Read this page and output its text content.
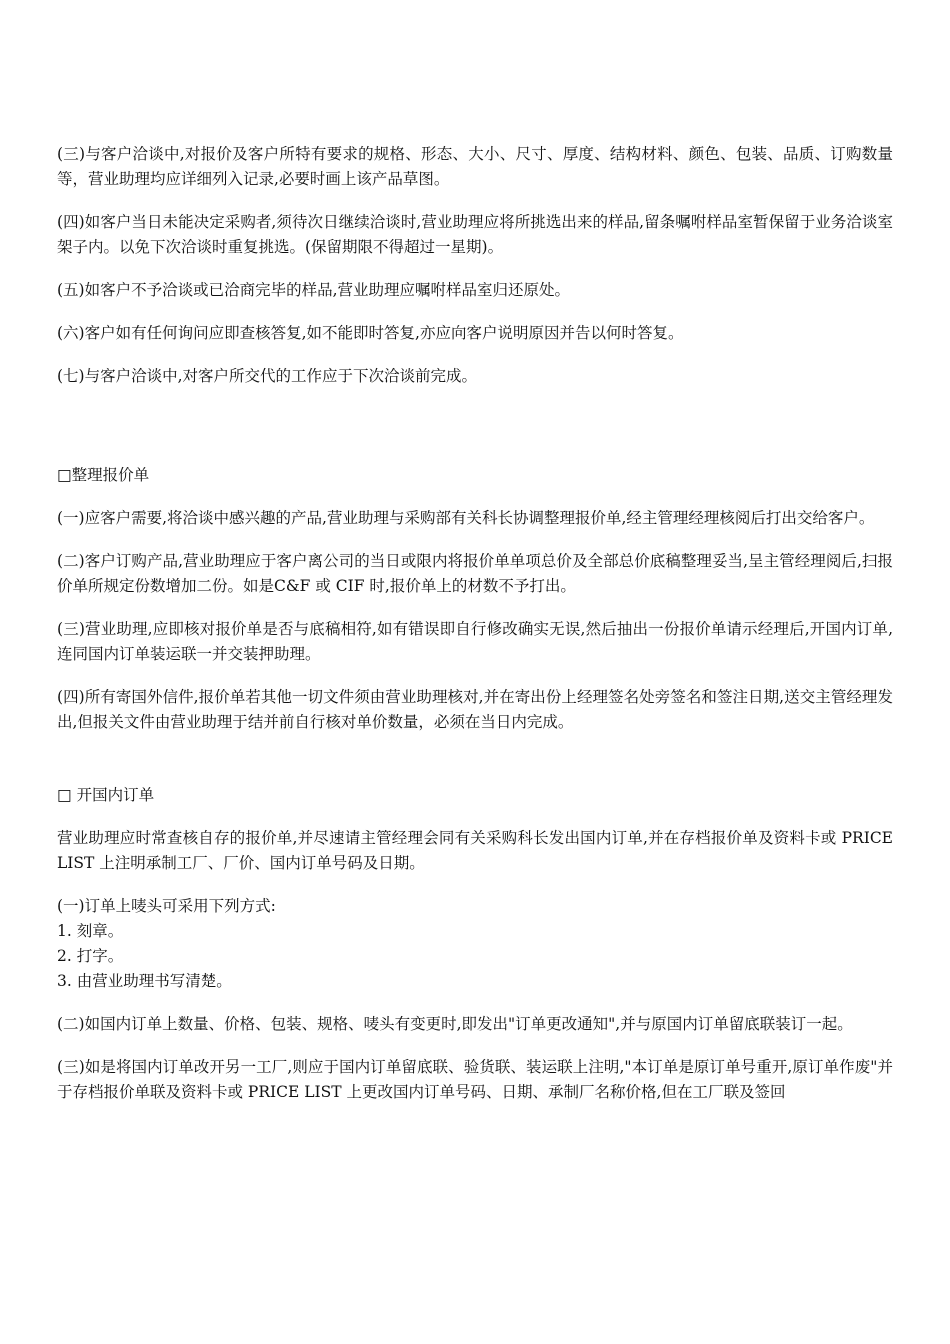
(三)与客户洽谈中,对报价及客户所特有要求的规格、形态、大小、尺寸、厚度、结构材料、颜色、包装、品质、订购数量等，营业助理均应详细列入记录,必要时画上该产品草图。

(四)如客户当日未能决定采购者,须待次日继续洽谈时,营业助理应将所挑选出来的样品,留条嘱咐样品室暂保留于业务洽谈室架子内。以免下次洽谈时重复挑选。(保留期限不得超过一星期)。

(五)如客户不予洽谈或已洽商完毕的样品,营业助理应嘱咐样品室归还原处。

(六)客户如有任何询问应即查核答复,如不能即时答复,亦应向客户说明原因并告以何时答复。

(七)与客户洽谈中,对客户所交代的工作应于下次洽谈前完成。

□整理报价单

(一)应客户需要,将洽谈中感兴趣的产品,营业助理与采购部有关科长协调整理报价单,经主管理经理核阅后打出交给客户。

(二)客户订购产品,营业助理应于客户离公司的当日或限内将报价单单项总价及全部总价底稿整理妥当,呈主管经理阅后,扫报价单所规定份数增加二份。如是C&F 或 CIF 时,报价单上的材数不予打出。

(三)营业助理,应即核对报价单是否与底稿相符,如有错误即自行修改确实无误,然后抽出一份报价单请示经理后,开国内订单,连同国内订单装运联一并交装押助理。

(四)所有寄国外信件,报价单若其他一切文件须由营业助理核对,并在寄出份上经理签名处旁签名和签注日期,送交主管经理发出,但报关文件由营业助理于结并前自行核对单价数量，必须在当日内完成。

□ 开国内订单

营业助理应时常查核自存的报价单,并尽速请主管经理会同有关采购科长发出国内订单,并在存档报价单及资料卡或 PRICE LIST 上注明承制工厂、厂价、国内订单号码及日期。

(一)订单上唛头可采用下列方式:
1. 刻章。
2. 打字。
3. 由营业助理书写清楚。

(二)如国内订单上数量、价格、包装、规格、唛头有变更时,即发出"订单更改通知",并与原国内订单留底联装订一起。

(三)如是将国内订单改开另一工厂,则应于国内订单留底联、验货联、装运联上注明,"本订单是原订单号重开,原订单作废"并于存档报价单联及资料卡或 PRICE LIST 上更改国内订单号码、日期、承制厂名称价格,但在工厂联及签回
